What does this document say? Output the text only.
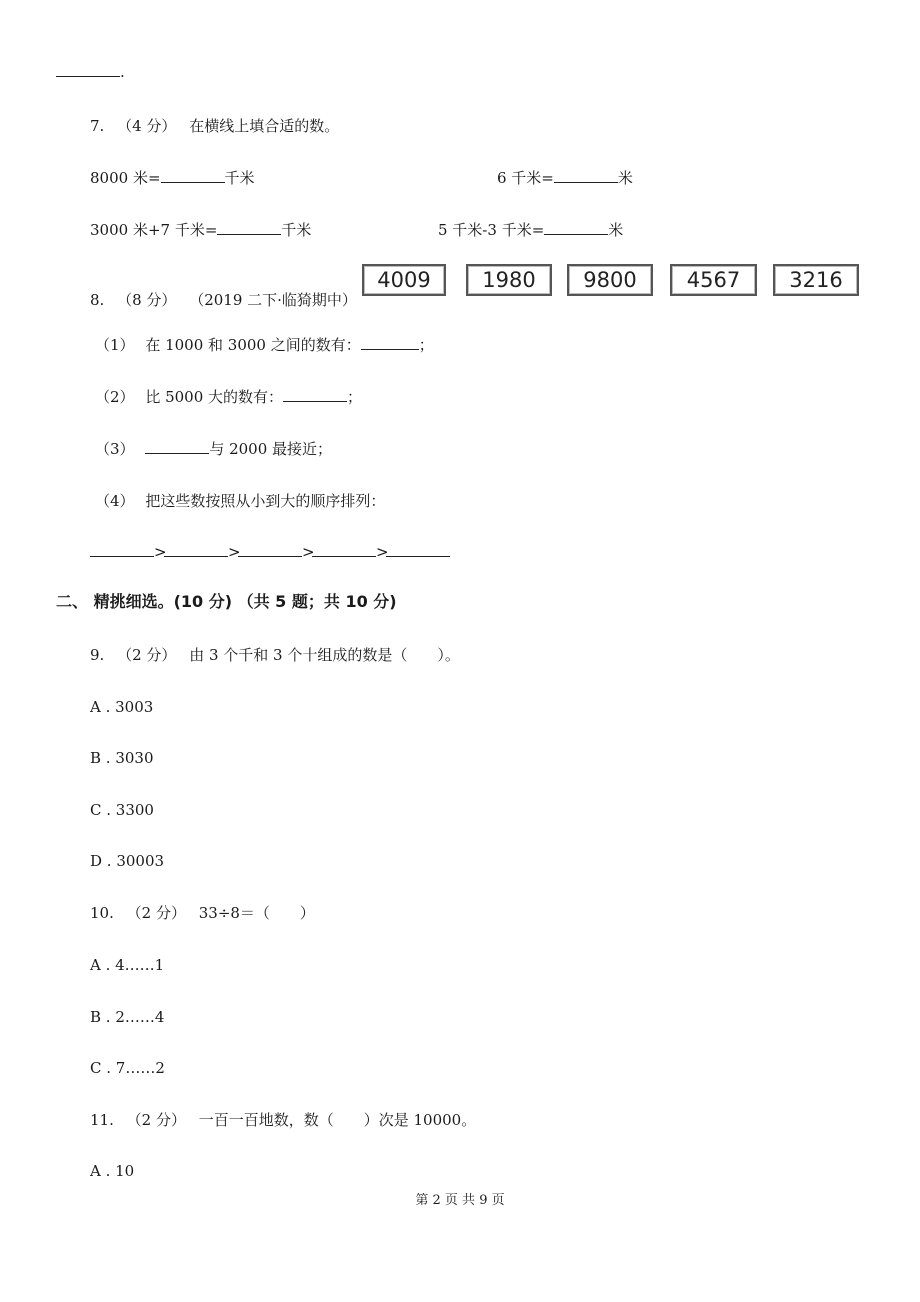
.
7. （4 分） 在横线上填合适的数。
8000 米=	千米	6 千米=	米
3000 米+7 千米=	千米	5 千米-3 千米=	米
8. （8 分） （2019 二下·临猗期中）
4009	1980	9800	4567	3216
（1） 在 1000 和 3000 之间的数有：	；
（2） 比 5000 大的数有：	；
（3）	与 2000 最接近；
（4） 把这些数按照从小到大的顺序排列：
>	>	>	>
二、 精挑细选。(10 分) （共 5 题；共 10 分)
9. （2 分） 由 3 个千和 3 个十组成的数是（　　）。
A . 3003
B . 3030
C . 3300
D . 30003
10. （2 分） 33÷8＝（　　）
A . 4……1
B . 2……4
C . 7……2
11. （2 分） 一百一百地数，数（　　）次是 10000。
A . 10
第 2 页 共 9 页
